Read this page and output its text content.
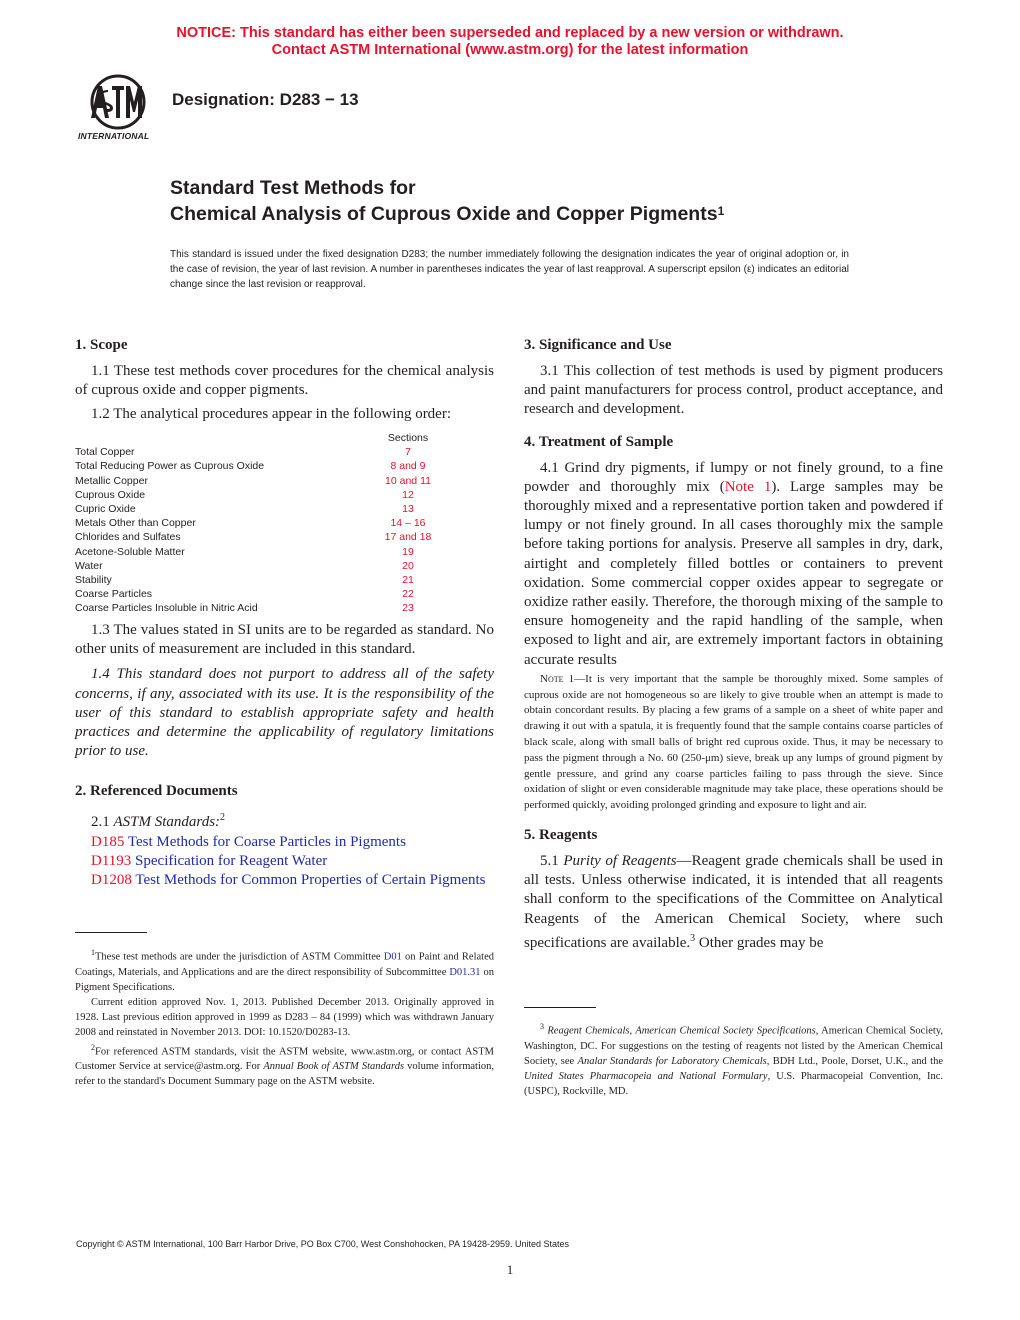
NOTICE: This standard has either been superseded and replaced by a new version or withdrawn.
Contact ASTM International (www.astm.org) for the latest information
INTERNATIONAL
Designation: D283 − 13
Standard Test Methods for
Chemical Analysis of Cuprous Oxide and Copper Pigments$^1$
This standard is issued under the fixed designation D283; the number immediately following the designation indicates the year of original adoption or, in the case of revision, the year of last revision. A number in parentheses indicates the year of last reapproval. A superscript epsilon (ε) indicates an editorial change since the last revision or reapproval.

1. Scope

1.1 These test methods cover procedures for the chemical analysis of cuprous oxide and copper pigments.

1.2 The analytical procedures appear in the following order:

Sections
Total Copper	7
Total Reducing Power as Cuprous Oxide	8 and 9
Metallic Copper	10 and 11
Cuprous Oxide	12
Cupric Oxide	13
Metals Other than Copper	14 – 16
Chlorides and Sulfates	17 and 18
Acetone-Soluble Matter	19
Water	20
Stability	21
Coarse Particles	22
Coarse Particles Insoluble in Nitric Acid	23

1.3 The values stated in SI units are to be regarded as standard. No other units of measurement are included in this standard.

1.4 This standard does not purport to address all of the safety concerns, if any, associated with its use. It is the responsibility of the user of this standard to establish appropriate safety and health practices and determine the applicability of regulatory limitations prior to use.

2. Referenced Documents

2.1 ASTM Standards:$^2$

D185 Test Methods for Coarse Particles in Pigments

D1193 Specification for Reagent Water

D1208 Test Methods for Common Properties of Certain Pigments

$^1$These test methods are under the jurisdiction of ASTM Committee D01 on Paint and Related Coatings, Materials, and Applications and are the direct responsibility of Subcommittee D01.31 on Pigment Specifications.

Current edition approved Nov. 1, 2013. Published December 2013. Originally approved in 1928. Last previous edition approved in 1999 as D283 – 84 (1999) which was withdrawn January 2008 and reinstated in November 2013. DOI: 10.1520/D0283-13.

$^2$For referenced ASTM standards, visit the ASTM website, www.astm.org, or contact ASTM Customer Service at service@astm.org. For Annual Book of ASTM Standards volume information, refer to the standard's Document Summary page on the ASTM website.

3. Significance and Use

3.1 This collection of test methods is used by pigment producers and paint manufacturers for process control, product acceptance, and research and development.

4. Treatment of Sample

4.1 Grind dry pigments, if lumpy or not finely ground, to a fine powder and thoroughly mix (Note 1). Large samples may be thoroughly mixed and a representative portion taken and powdered if lumpy or not finely ground. In all cases thoroughly mix the sample before taking portions for analysis. Preserve all samples in dry, dark, airtight and completely filled bottles or containers to prevent oxidation. Some commercial copper oxides appear to segregate or oxidize rather easily. Therefore, the thorough mixing of the sample to ensure homogeneity and the rapid handling of the sample, when exposed to light and air, are extremely important factors in obtaining accurate results

Note 1—It is very important that the sample be thoroughly mixed. Some samples of cuprous oxide are not homogeneous so are likely to give trouble when an attempt is made to obtain concordant results. By placing a few grams of a sample on a sheet of white paper and drawing it out with a spatula, it is frequently found that the sample contains coarse particles of black scale, along with small balls of bright red cuprous oxide. Thus, it may be necessary to pass the pigment through a No. 60 (250-μm) sieve, break up any lumps of ground pigment by gentle pressure, and grind any coarse particles failing to pass through the sieve. Since oxidation of slight or even considerable magnitude may take place, these operations should be performed quickly, avoiding prolonged grinding and exposure to light and air.

5. Reagents

5.1 Purity of Reagents—Reagent grade chemicals shall be used in all tests. Unless otherwise indicated, it is intended that all reagents shall conform to the specifications of the Committee on Analytical Reagents of the American Chemical Society, where such specifications are available.$^3$ Other grades may be

$^3$ Reagent Chemicals, American Chemical Society Specifications, American Chemical Society, Washington, DC. For suggestions on the testing of reagents not listed by the American Chemical Society, see Analar Standards for Laboratory Chemicals, BDH Ltd., Poole, Dorset, U.K., and the United States Pharmacopeia and National Formulary, U.S. Pharmacopeial Convention, Inc. (USPC), Rockville, MD.

Copyright © ASTM International, 100 Barr Harbor Drive, PO Box C700, West Conshohocken, PA 19428-2959. United States
1
